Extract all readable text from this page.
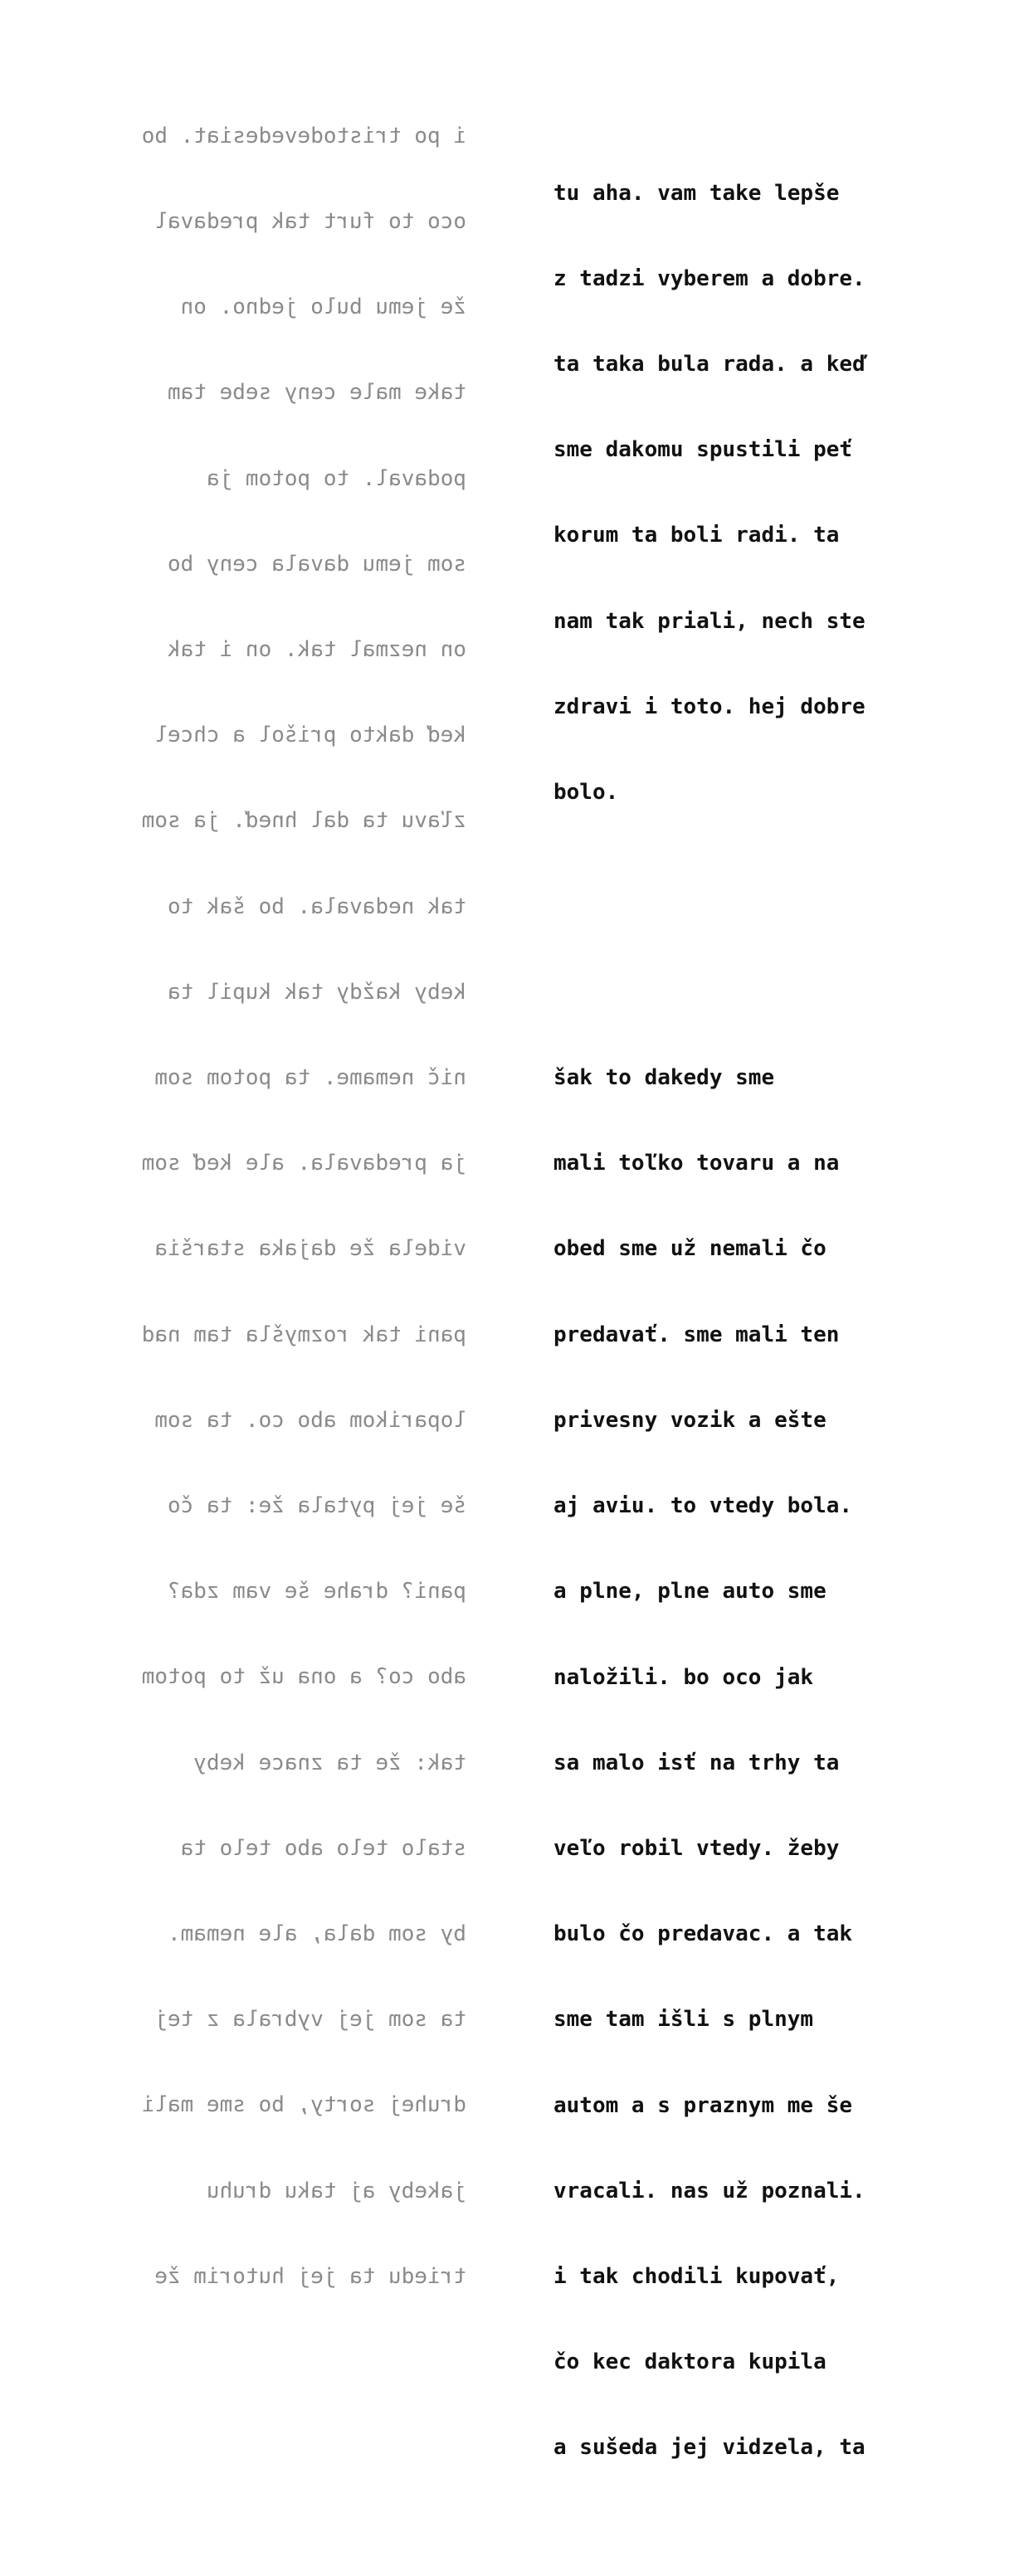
i po tristodevedesiat. bo

oco to furt tak predaval

že jemu bulo jedno. on

take male ceny sebe tam

podaval. to potom ja

som jemu davala ceny bo

on nezmal tak. on i tak

keď dakto prišol a chcel

zľavu ta dal hneď. ja som

tak nedavala. bo šak to

keby každy tak kupil ta

nič nemame. ta potom som

ja predavala. ale keď som

videla že dajaka staršia

pani tak rozmyšla tam nad

loparikom abo co. ta som

še jej pytala že: ta čo

pani? drahe še vam zda?

abo co? a ona už to potom

tak: že ta znace keby

stalo telo abo telo ta

by som dala, ale nemam.

ta som jej vybrala z tej

druhej sorty, bo sme mali

jakeby aj taku druhu

triedu ta jej hutorim že

tu aha. vam take lepše

z tadzi vyberem a dobre.

ta taka bula rada. a keď

sme dakomu spustili peť

korum ta boli radi. ta

nam tak priali, nech ste

zdravi i toto. hej dobre

bolo.

šak to dakedy sme

mali toľko tovaru a na

obed sme už nemali čo

predavať. sme mali ten

privesny vozik a ešte

aj aviu. to vtedy bola.

a plne, plne auto sme

naložili. bo oco jak

sa malo isť na trhy ta

veľo robil vtedy. žeby

bulo čo predavac. a tak

sme tam išli s plnym

autom a s praznym me še

vracali. nas už poznali.

i tak chodili kupovať,

čo kec daktora kupila

a sušeda jej vidzela, ta
